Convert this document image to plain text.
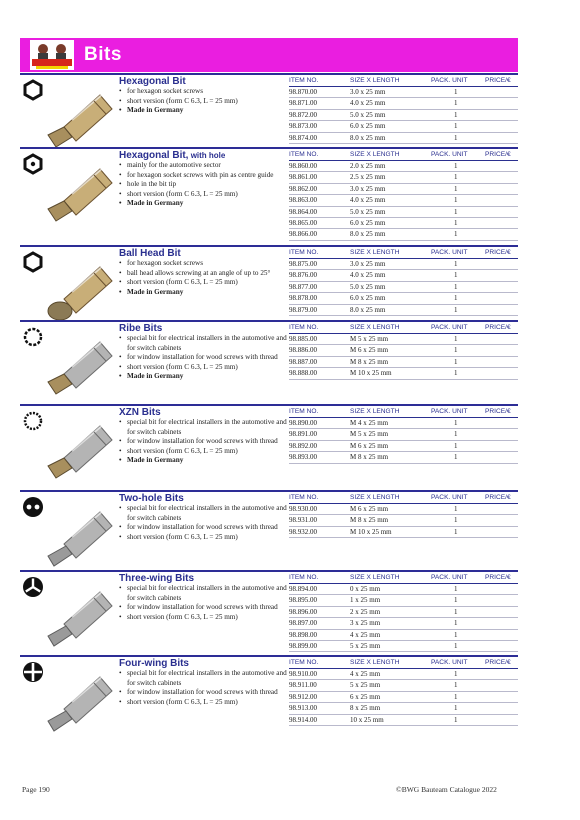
Bits
Hexagonal Bit
• for hexagon socket screws
• short version (form C 6.3, L = 25 mm)
• Made in Germany
ITEM NO.	SIZE X LENGTH	PACK. UNIT	PRICE/€
98.870.00	3.0 x 25 mm	1
98.871.00	4.0 x 25 mm	1
98.872.00	5.0 x 25 mm	1
98.873.00	6.0 x 25 mm	1
98.874.00	8.0 x 25 mm	1
Hexagonal Bit, with hole
• mainly for the automotive sector
• for hexagon socket screws with pin as centre guide
• hole in the bit tip
• short version (form C 6.3, L = 25 mm)
• Made in Germany
ITEM NO.	SIZE X LENGTH	PACK. UNIT	PRICE/€
98.860.00	2.0 x 25 mm	1
98.861.00	2.5 x 25 mm	1
98.862.00	3.0 x 25 mm	1
98.863.00	4.0 x 25 mm	1
98.864.00	5.0 x 25 mm	1
98.865.00	6.0 x 25 mm	1
98.866.00	8.0 x 25 mm	1
Ball Head Bit
• for hexagon socket screws
• ball head allows screwing at an angle of up to 25°
• short version (form C 6.3, L = 25 mm)
• Made in Germany
ITEM NO.	SIZE X LENGTH	PACK. UNIT	PRICE/€
98.875.00	3.0 x 25 mm	1
98.876.00	4.0 x 25 mm	1
98.877.00	5.0 x 25 mm	1
98.878.00	6.0 x 25 mm	1
98.879.00	8.0 x 25 mm	1
Ribe Bits
• special bit for electrical installers in the automotive and for switch cabinets
• for window installation for wood screws with thread
• short version (form C 6.3, L = 25 mm)
• Made in Germany
ITEM NO.	SIZE X LENGTH	PACK. UNIT	PRICE/€
98.885.00	M 5 x 25 mm	1
98.886.00	M 6 x 25 mm	1
98.887.00	M 8 x 25 mm	1
98.888.00	M 10 x 25 mm	1
XZN Bits
• special bit for electrical installers in the automotive and for switch cabinets
• for window installation for wood screws with thread
• short version (form C 6.3, L = 25 mm)
• Made in Germany
ITEM NO.	SIZE X LENGTH	PACK. UNIT	PRICE/€
98.890.00	M 4 x 25 mm	1
98.891.00	M 5 x 25 mm	1
98.892.00	M 6 x 25 mm	1
98.893.00	M 8 x 25 mm	1
Two-hole Bits
• special bit for electrical installers in the automotive and for switch cabinets
• for window installation for wood screws with thread
• short version (form C 6.3, L = 25 mm)
ITEM NO.	SIZE X LENGTH	PACK. UNIT	PRICE/€
98.930.00	M 6 x 25 mm	1
98.931.00	M 8 x 25 mm	1
98.932.00	M 10 x 25 mm	1
Three-wing Bits
• special bit for electrical installers in the automotive and for switch cabinets
• for window installation for wood screws with thread
• short version (form C 6.3, L = 25 mm)
ITEM NO.	SIZE X LENGTH	PACK. UNIT	PRICE/€
98.894.00	0 x 25 mm	1
98.895.00	1 x 25 mm	1
98.896.00	2 x 25 mm	1
98.897.00	3 x 25 mm	1
98.898.00	4 x 25 mm	1
98.899.00	5 x 25 mm	1
Four-wing Bits
• special bit for electrical installers in the automotive and for switch cabinets
• for window installation for wood screws with thread
• short version (form C 6.3, L = 25 mm)
ITEM NO.	SIZE X LENGTH	PACK. UNIT	PRICE/€
98.910.00	4 x 25 mm	1
98.911.00	5 x 25 mm	1
98.912.00	6 x 25 mm	1
98.913.00	8 x 25 mm	1
98.914.00	10 x 25 mm	1
Page 190	©BWG Bauteam Catalogue 2022
